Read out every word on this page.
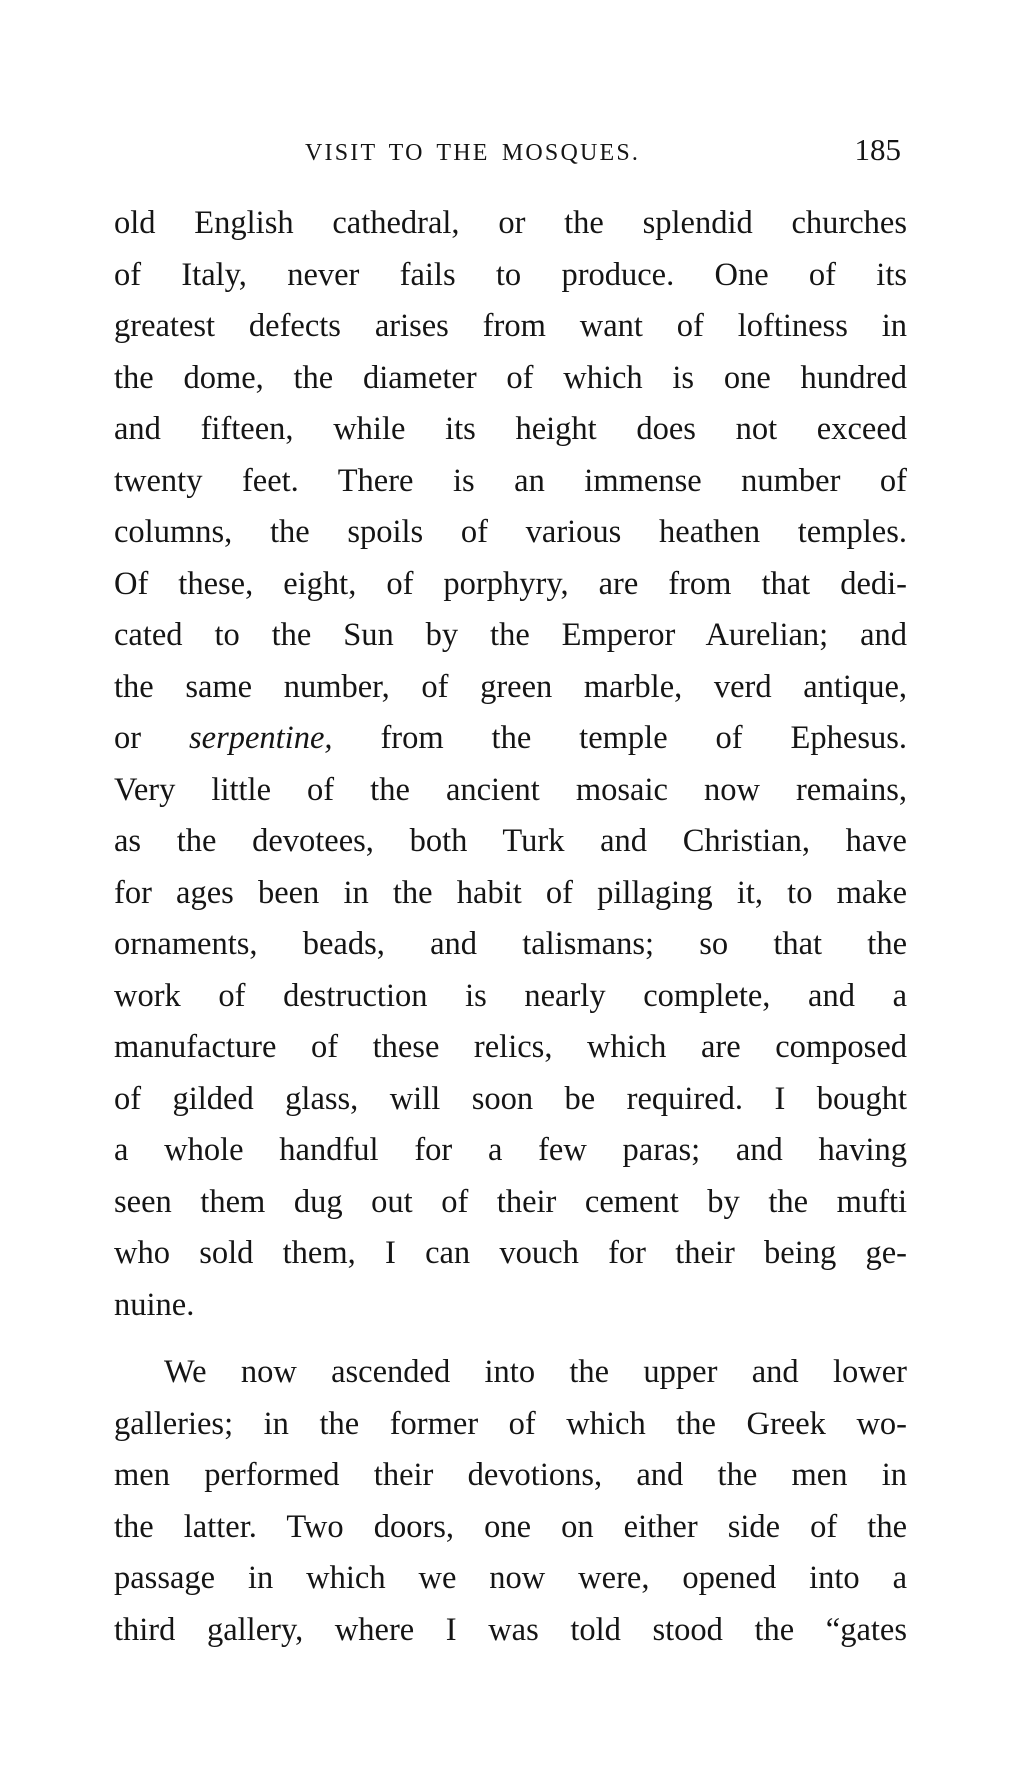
VISIT TO THE MOSQUES.	185

old English cathedral, or the splendid churches
of Italy, never fails to produce. One of its
greatest defects arises from want of loftiness in
the dome, the diameter of which is one hundred
and fifteen, while its height does not exceed
twenty feet. There is an immense number of
columns, the spoils of various heathen temples.
Of these, eight, of porphyry, are from that dedi-
cated to the Sun by the Emperor Aurelian; and
the same number, of green marble, verd antique,
or serpentine, from the temple of Ephesus.
Very little of the ancient mosaic now remains,
as the devotees, both Turk and Christian, have
for ages been in the habit of pillaging it, to make
ornaments, beads, and talismans; so that the
work of destruction is nearly complete, and a
manufacture of these relics, which are composed
of gilded glass, will soon be required. I bought
a whole handful for a few paras; and having
seen them dug out of their cement by the mufti
who sold them, I can vouch for their being ge-
nuine.

We now ascended into the upper and lower
galleries; in the former of which the Greek wo-
men performed their devotions, and the men in
the latter. Two doors, one on either side of the
passage in which we now were, opened into a
third gallery, where I was told stood the “gates
